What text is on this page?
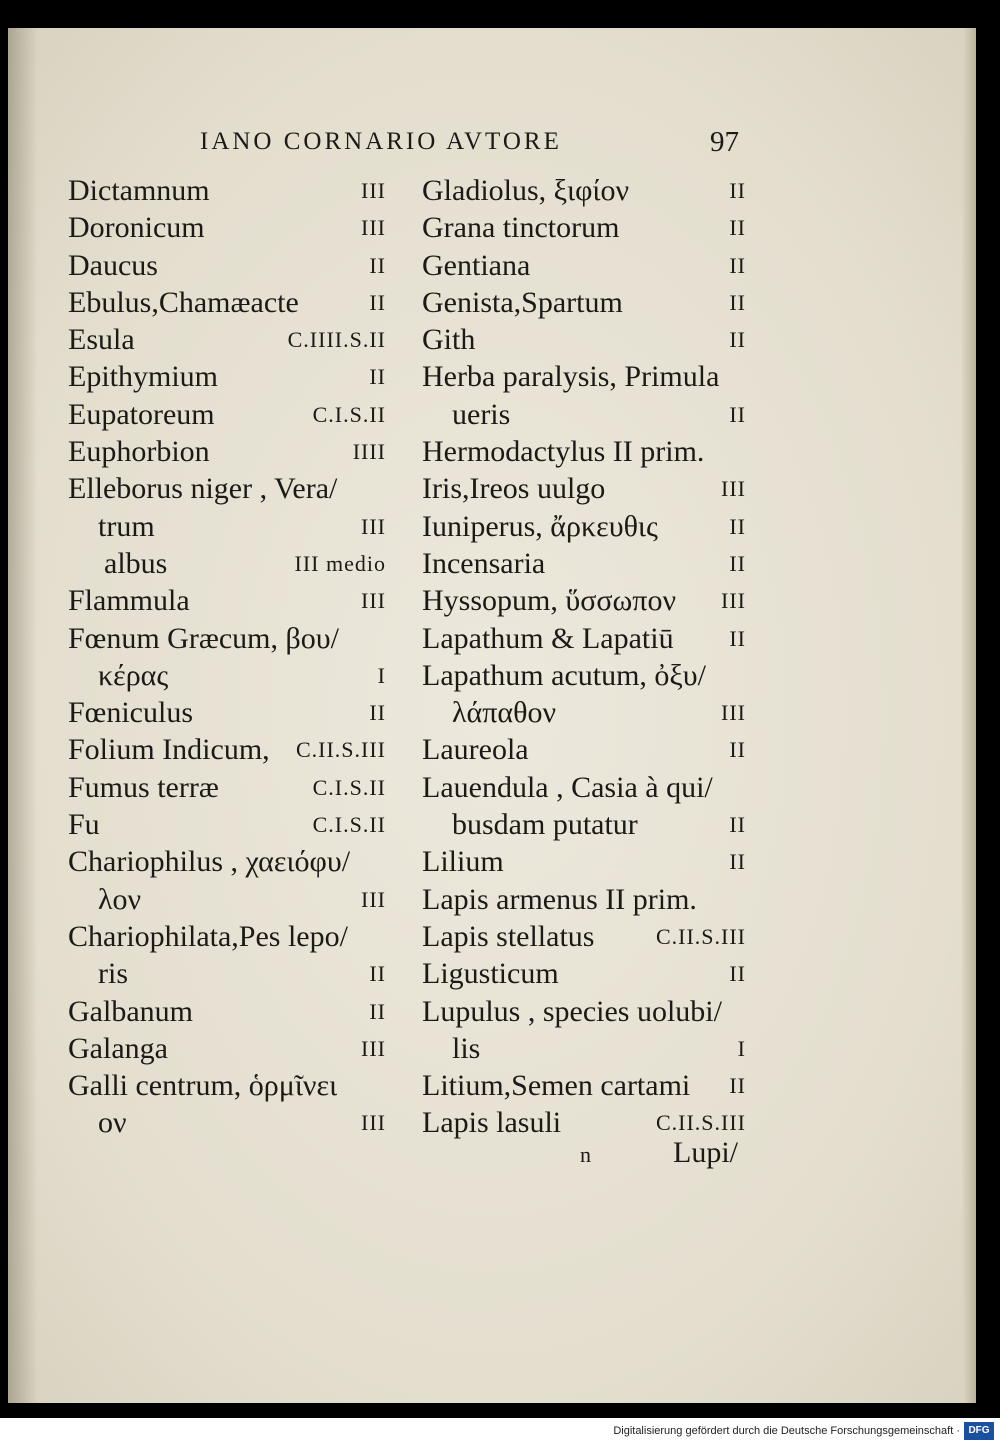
IANO CORNARIO AVTORE	97
Dictamnum	III
Doronicum	III
Daucus	II
Ebulus,Chamæacte	II
Esula	C.IIII.S.II
Epithymium	II
Eupatoreum	C.I.S.II
Euphorbion	IIII
Elleborus niger , Vera/
trum	III
albus	III medio
Flammula	III
Fœnum Græcum, βου/
κέρας	I
Fœniculus	II
Folium Indicum, C.II.S.III
Fumus terræ	C.I.S.II
Fu	C.I.S.II
Chariophilus , χαειόφυ/
λον	III
Chariophilata,Pes lepo/
ris	II
Galbanum	II
Galanga	III
Galli centrum, ὁρμῖνει
ον	III
Gladiolus, ξιφίον	II
Grana tinctorum	II
Gentiana	II
Genista,Spartum	II
Gith	II
Herba paralysis, Primula
ueris	II
Hermodactylus II prim.
Iris,Ireos uulgo	III
Iuniperus, ἄρκευθις	II
Incensaria	II
Hyssopum, ὕσσωπον III
Lapathum & Lapatiū	II
Lapathum acutum, ὀξυ/
λάπαθον	III
Laureola	II
Lauendula , Casia à qui/
busdam putatur	II
Lilium	II
Lapis armenus II prim.
Lapis stellatus	C.II.S.III
Ligusticum	II
Lupulus , species uolubi/
lis	I
Litium,Semen cartami II
Lapis lasuli	C.II.S.III
n	Lupi/
Digitalisierung gefördert durch die Deutsche Forschungsgemeinschaft · DFG
